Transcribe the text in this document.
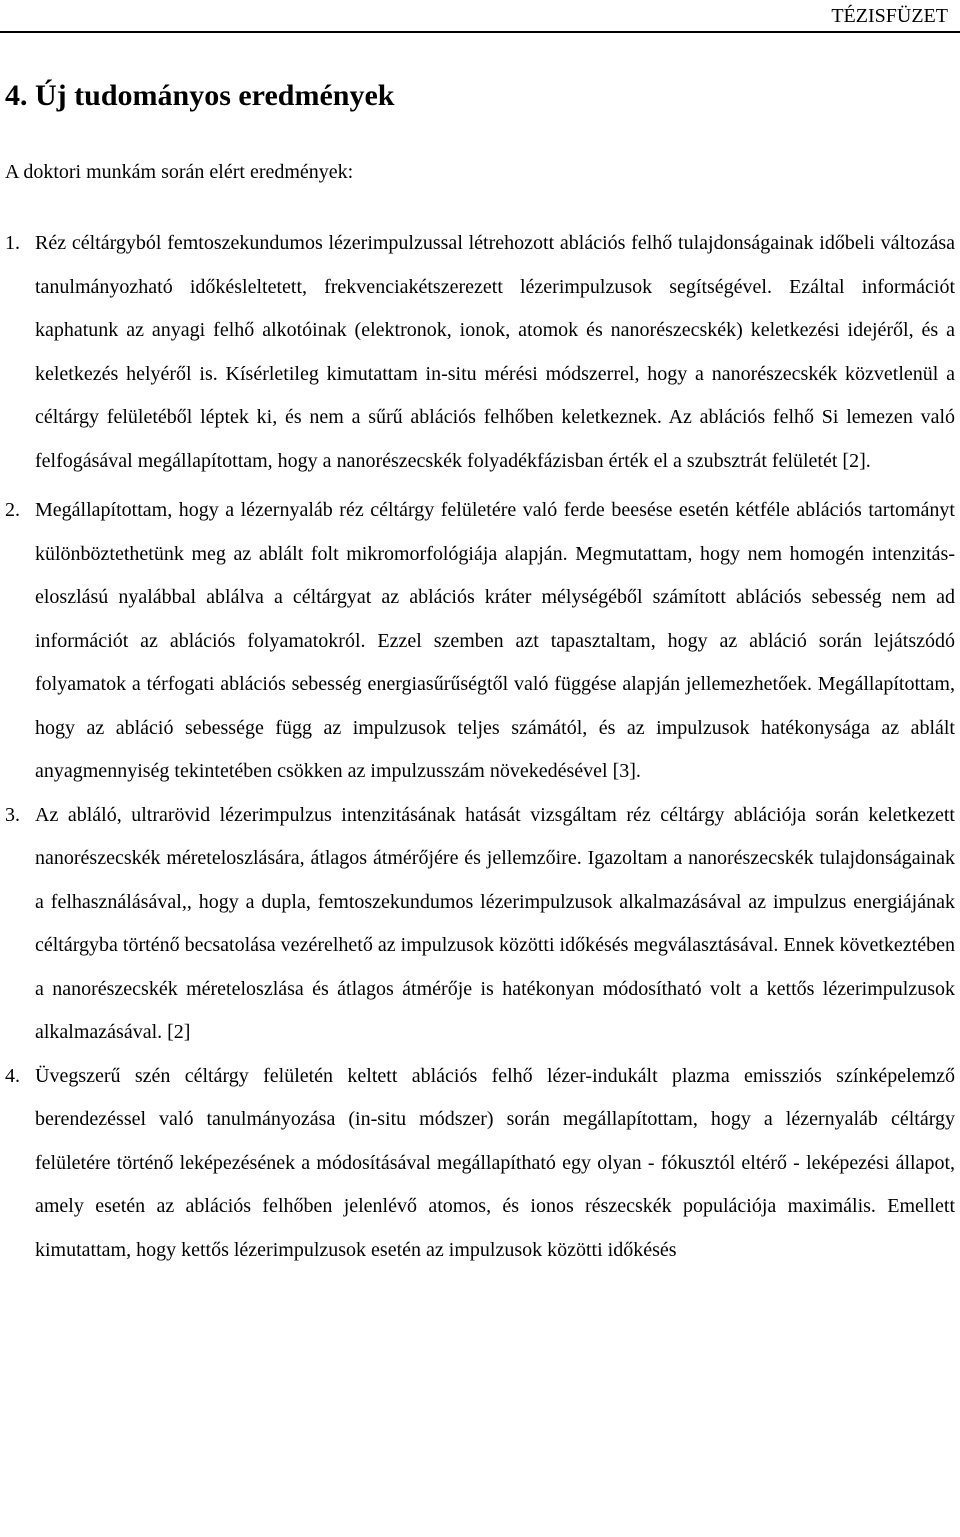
TÉZISFÜZET
4. Új tudományos eredmények
A doktori munkám során elért eredmények:
1. Réz céltárgyból femtoszekundumos lézerimpulzussal létrehozott ablációs felhő tulajdonságainak időbeli változása tanulmányozható időkésleltetett, frekvenciakétszerezett lézerimpulzusok segítségével. Ezáltal információt kaphatunk az anyagi felhő alkotóinak (elektronok, ionok, atomok és nanorészecskék) keletkezési idejéről, és a keletkezés helyéről is. Kísérletileg kimutattam in-situ mérési módszerrel, hogy a nanorészecskék közvetlenül a céltárgy felületéből léptek ki, és nem a sűrű ablációs felhőben keletkeznek. Az ablációs felhő Si lemezen való felfogásával megállapítottam, hogy a nanorészecskék folyadékfázisban érték el a szubsztrát felületét [2].
2. Megállapítottam, hogy a lézernyaláb réz céltárgy felületére való ferde beesése esetén kétféle ablációs tartományt különböztethetünk meg az ablált folt mikromorfológiája alapján. Megmutattam, hogy nem homogén intenzitás-eloszlású nyalábbal ablálva a céltárgyat az ablációs kráter mélységéből számított ablációs sebesség nem ad információt az ablációs folyamatokról. Ezzel szemben azt tapasztaltam, hogy az abláció során lejátszódó folyamatok a térfogati ablációs sebesség energiasűrűségtől való függése alapján jellemezhetőek. Megállapítottam, hogy az abláció sebessége függ az impulzusok teljes számától, és az impulzusok hatékonysága az ablált anyagmennyiség tekintetében csökken az impulzusszám növekedésével [3].
3. Az abláló, ultrarövid lézerimpulzus intenzitásának hatását vizsgáltam réz céltárgy ablációja során keletkezett nanorészecskék méreteloszlására, átlagos átmérőjére és jellemzőire. Igazoltam a nanorészecskék tulajdonságainak a felhasználásával,, hogy a dupla, femtoszekundumos lézerimpulzusok alkalmazásával az impulzus energiájának céltárgyba történő becsatolása vezérelhető az impulzusok közötti időkésés megválasztásával. Ennek következtében a nanorészecskék méreteloszlása és átlagos átmérője is hatékonyan módosítható volt a kettős lézerimpulzusok alkalmazásával. [2]
4. Üvegszerű szén céltárgy felületén keltett ablációs felhő lézer-indukált plazma emissziós színképelemző berendezéssel való tanulmányozása (in-situ módszer) során megállapítottam, hogy a lézernyaláb céltárgy felületére történő leképezésének a módosításával megállapítható egy olyan - fókusztól eltérő - leképezési állapot, amely esetén az ablációs felhőben jelenlévő atomos, és ionos részecskék populációja maximális. Emellett kimutattam, hogy kettős lézerimpulzusok esetén az impulzusok közötti időkésés
